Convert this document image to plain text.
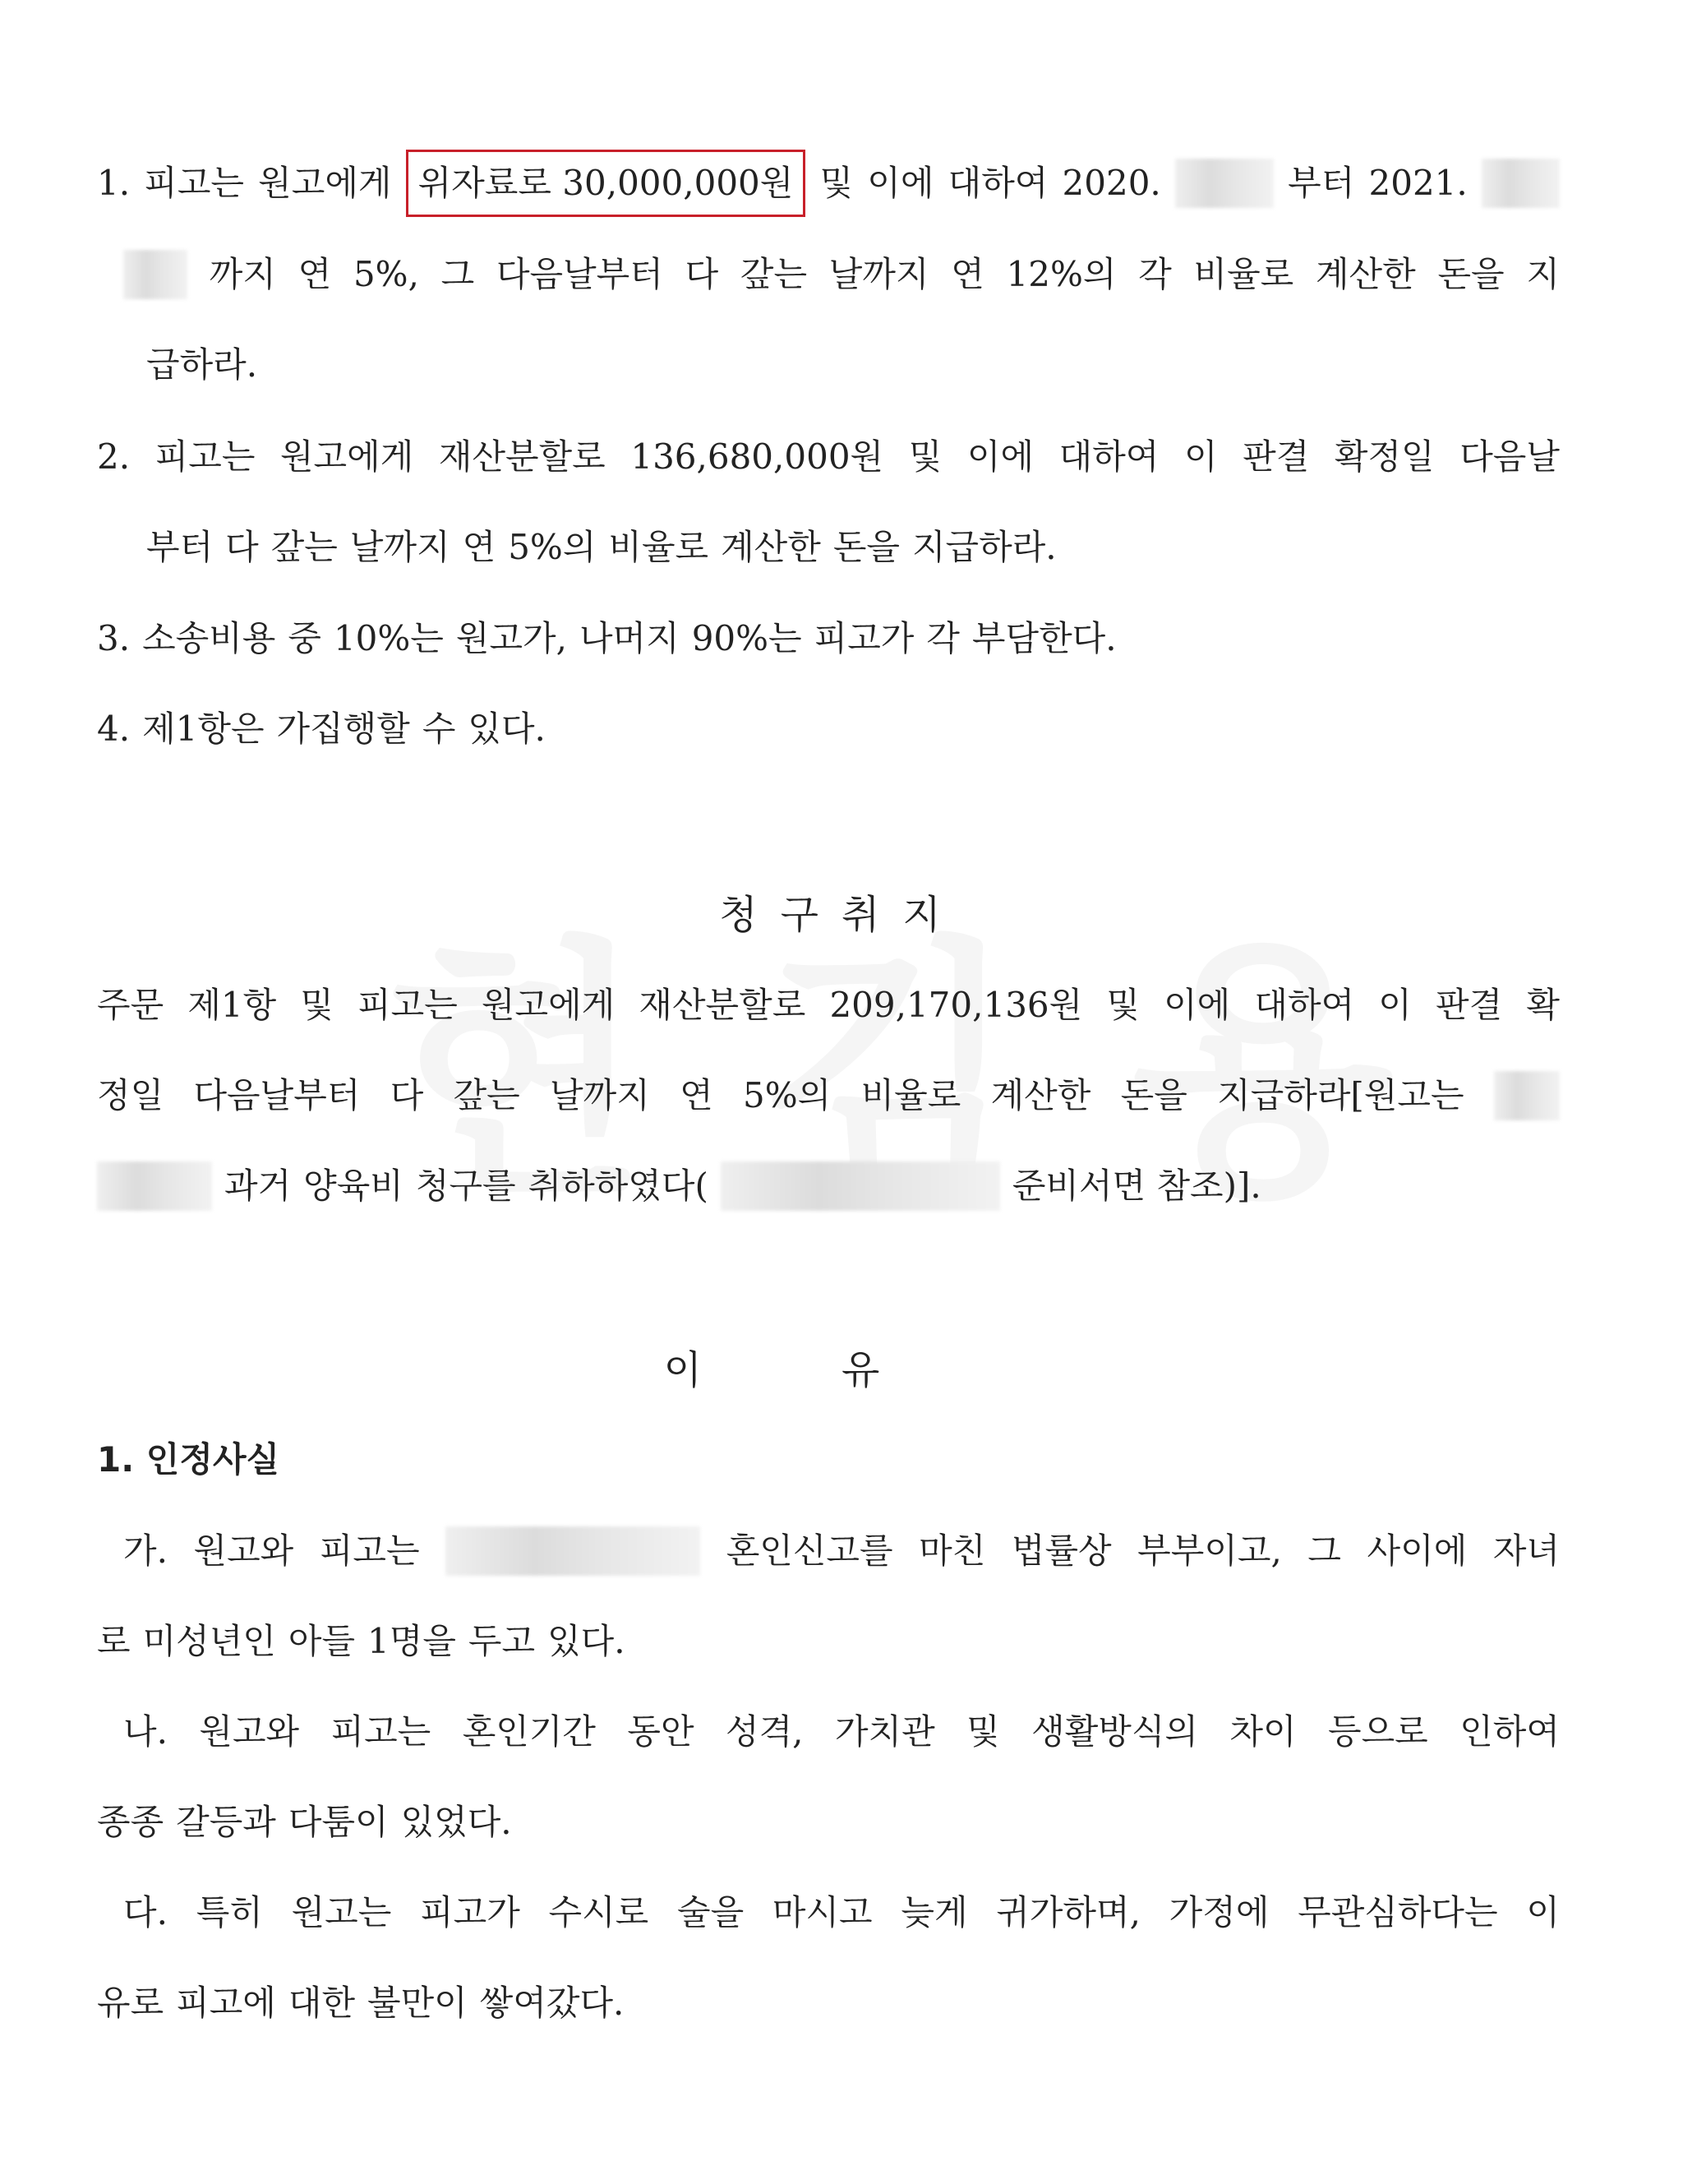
1. 피고는 원고에게 위자료로 30,000,000원 및 이에 대하여 2020.	부터 2021.
까지 연 5%, 그 다음날부터 다 갚는 날까지 연 12%의 각 비율로 계산한 돈을 지
급하라.
2. 피고는 원고에게 재산분할로 136,680,000원 및 이에 대하여 이 판결 확정일 다음날
부터 다 갚는 날까지 연 5%의 비율로 계산한 돈을 지급하라.
3. 소송비용 중 10%는 원고가, 나머지 90%는 피고가 각 부담한다.
4. 제1항은 가집행할 수 있다.
청구취지
주문 제1항 및 피고는 원고에게 재산분할로 209,170,136원 및 이에 대하여 이 판결 확
정일 다음날부터 다 갚는 날까지 연 5%의 비율로 계산한 돈을 지급하라[원고는
과거 양육비 청구를 취하하였다(	준비서면 참조)].
이유
1. 인정사실
가. 원고와 피고는	혼인신고를 마친 법률상 부부이고, 그 사이에 자녀
로 미성년인 아들 1명을 두고 있다.
나. 원고와 피고는 혼인기간 동안 성격, 가치관 및 생활방식의 차이 등으로 인하여
종종 갈등과 다툼이 있었다.
다. 특히 원고는 피고가 수시로 술을 마시고 늦게 귀가하며, 가정에 무관심하다는 이
유로 피고에 대한 불만이 쌓여갔다.
